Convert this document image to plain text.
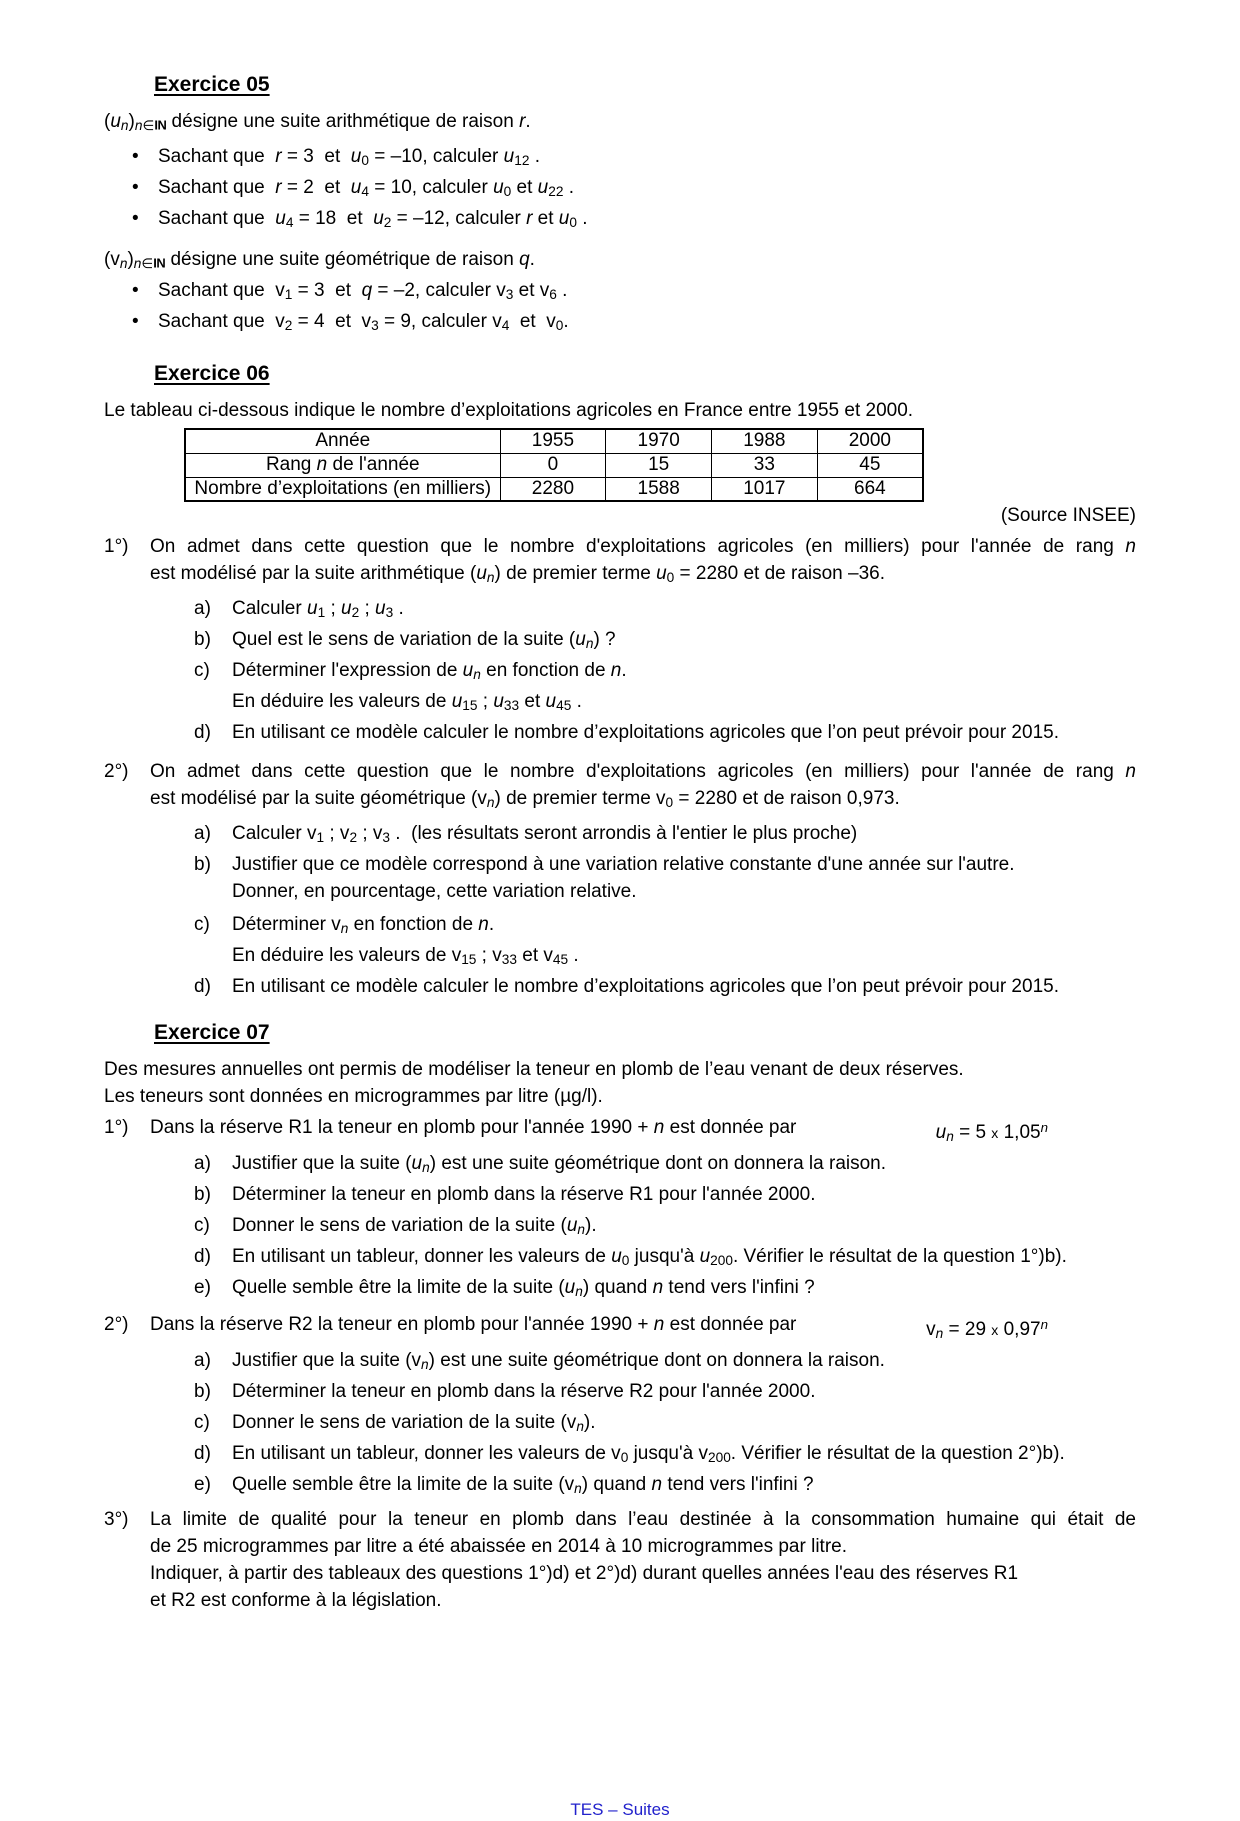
Exercice 05
(un)n∈IN désigne une suite arithmétique de raison r.
•	Sachant que  r = 3  et  u0 = –10, calculer u12 .
•	Sachant que  r = 2  et  u4 = 10, calculer u0 et u22 .
•	Sachant que  u4 = 18  et  u2 = –12, calculer r et u0 .
(vn)n∈IN désigne une suite géométrique de raison q.
•	Sachant que  v1 = 3  et  q = –2, calculer v3 et v6 .
•	Sachant que  v2 = 4  et  v3 = 9, calculer v4  et  v0.
Exercice 06
Le tableau ci-dessous indique le nombre d’exploitations agricoles en France entre 1955 et 2000.
Année	1955	1970	1988	2000
Rang n de l'année	0	15	33	45
Nombre d’exploitations (en milliers)	2280	1588	1017	664
(Source INSEE)
1°)	On admet dans cette question que le nombre d'exploitations agricoles (en milliers) pour l'année de rang n
est modélisé par la suite arithmétique (un) de premier terme u0 = 2280 et de raison –36.
a)	Calculer u1 ; u2 ; u3 .
b)	Quel est le sens de variation de la suite (un) ?
c)	Déterminer l'expression de un en fonction de n.
En déduire les valeurs de u15 ; u33 et u45 .
d)	En utilisant ce modèle calculer le nombre d’exploitations agricoles que l’on peut prévoir pour 2015.
2°)	On admet dans cette question que le nombre d'exploitations agricoles (en milliers) pour l'année de rang n
est modélisé par la suite géométrique (vn) de premier terme v0 = 2280 et de raison 0,973.
a)	Calculer v1 ; v2 ; v3 .  (les résultats seront arrondis à l'entier le plus proche)
b)	Justifier que ce modèle correspond à une variation relative constante d'une année sur l'autre.
Donner, en pourcentage, cette variation relative.
c)	Déterminer vn en fonction de n.
En déduire les valeurs de v15 ; v33 et v45 .
d)	En utilisant ce modèle calculer le nombre d’exploitations agricoles que l’on peut prévoir pour 2015.
Exercice 07
Des mesures annuelles ont permis de modéliser la teneur en plomb de l’eau venant de deux réserves.
Les teneurs sont données en microgrammes par litre (µg/l).
1°)	Dans la réserve R1 la teneur en plomb pour l'année 1990 + n est donnée par	un = 5 x 1,05$^n$
a)	Justifier que la suite (un) est une suite géométrique dont on donnera la raison.
b)	Déterminer la teneur en plomb dans la réserve R1 pour l'année 2000.
c)	Donner le sens de variation de la suite (un).
d)	En utilisant un tableur, donner les valeurs de u0 jusqu'à u200. Vérifier le résultat de la question 1°)b).
e)	Quelle semble être la limite de la suite (un) quand n tend vers l'infini ?
2°)	Dans la réserve R2 la teneur en plomb pour l'année 1990 + n est donnée par	vn = 29 x 0,97$^n$
a)	Justifier que la suite (vn) est une suite géométrique dont on donnera la raison.
b)	Déterminer la teneur en plomb dans la réserve R2 pour l'année 2000.
c)	Donner le sens de variation de la suite (vn).
d)	En utilisant un tableur, donner les valeurs de v0 jusqu'à v200. Vérifier le résultat de la question 2°)b).
e)	Quelle semble être la limite de la suite (vn) quand n tend vers l'infini ?
3°)	La limite de qualité pour la teneur en plomb dans l’eau destinée à la consommation humaine qui était de
de 25 microgrammes par litre a été abaissée en 2014 à 10 microgrammes par litre.
Indiquer, à partir des tableaux des questions 1°)d) et 2°)d) durant quelles années l'eau des réserves R1
et R2 est conforme à la législation.
TES – Suites
